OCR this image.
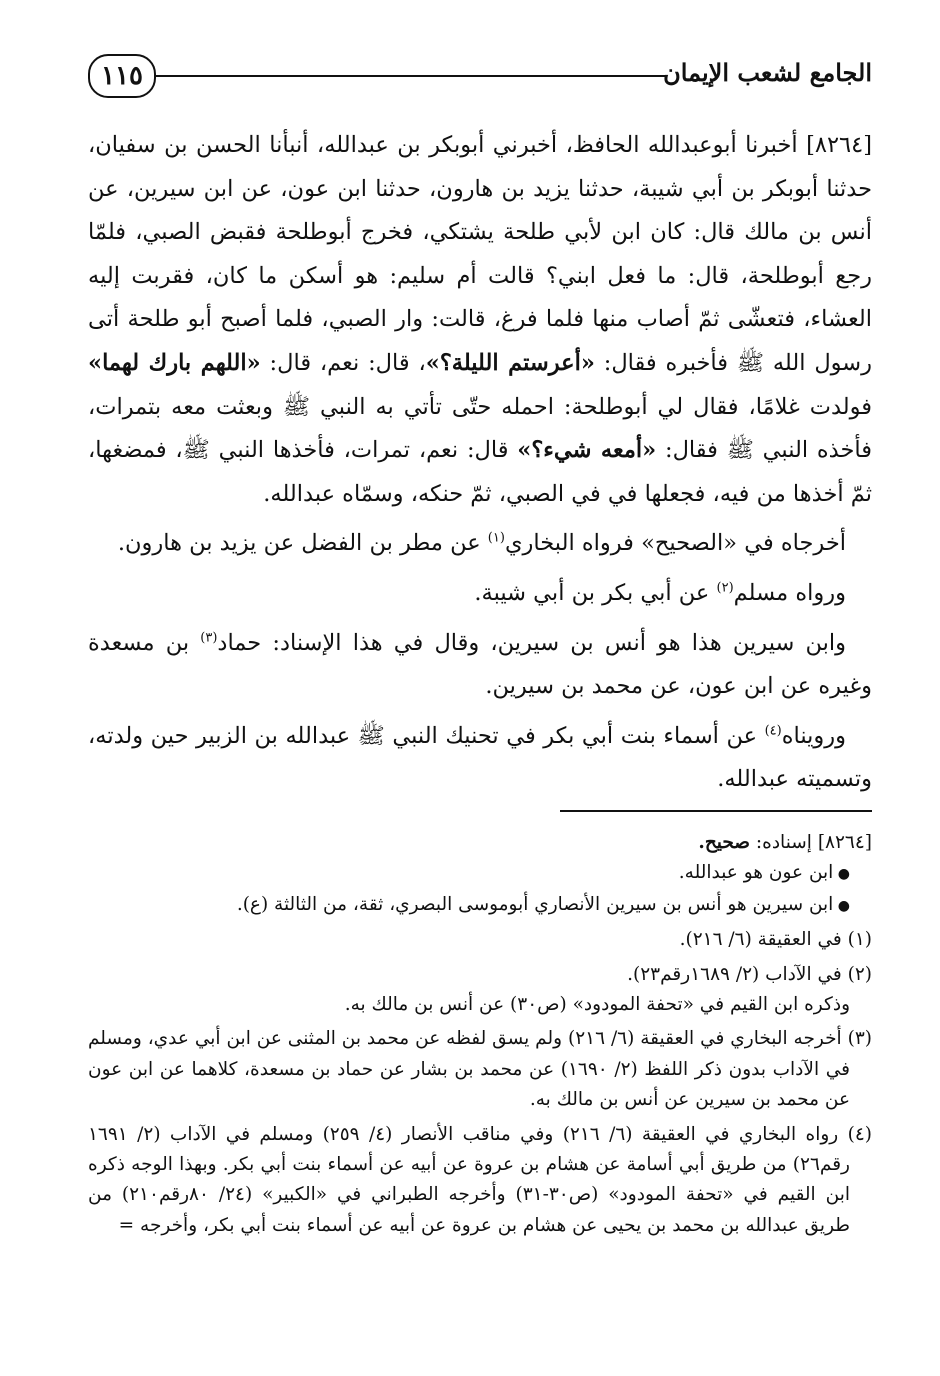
١١٥	الجامع لشعب الإيمان

[٨٢٦٤] أخبرنا أبوعبدالله الحافظ، أخبرني أبوبكر بن عبدالله، أنبأنا الحسن بن سفيان، حدثنا أبوبكر بن أبي شيبة، حدثنا يزيد بن هارون، حدثنا ابن عون، عن ابن سيرين، عن أنس بن مالك قال: كان ابن لأبي طلحة يشتكي، فخرج أبوطلحة فقبض الصبي، فلمّا رجع أبوطلحة، قال: ما فعل ابني؟ قالت أم سليم: هو أسكن ما كان، فقربت إليه العشاء، فتعشّى ثمّ أصاب منها فلما فرغ، قالت: وار الصبي، فلما أصبح أبو طلحة أتى رسول الله ﷺ فأخبره فقال: «أعرستم الليلة؟»، قال: نعم، قال: «اللهم بارك لهما» فولدت غلامًا، فقال لي أبوطلحة: احمله حتّى تأتي به النبي ﷺ وبعثت معه بتمرات، فأخذه النبي ﷺ فقال: «أمعه شيء؟» قال: نعم، تمرات، فأخذها النبي ﷺ، فمضغها، ثمّ أخذها من فيه، فجعلها في في الصبي، ثمّ حنكه، وسمّاه عبدالله.

أخرجاه في «الصحيح» فرواه البخاري$^{(١)}$ عن مطر بن الفضل عن يزيد بن هارون.

ورواه مسلم$^{(٢)}$ عن أبي بكر بن أبي شيبة.

وابن سيرين هذا هو أنس بن سيرين، وقال في هذا الإسناد: حماد$^{(٣)}$ بن مسعدة وغيره عن ابن عون، عن محمد بن سيرين.

ورويناه$^{(٤)}$ عن أسماء بنت أبي بكر في تحنيك النبي ﷺ عبدالله بن الزبير حين ولدته، وتسميته عبدالله.

[٨٢٦٤] إسناده: صحيح.

● ابن عون هو عبدالله.

● ابن سيرين هو أنس بن سيرين الأنصاري أبوموسى البصري، ثقة، من الثالثة (ع).

(١) في العقيقة (٦/ ٢١٦).

(٢) في الآداب (٢/ ١٦٨٩رقم٢٣).

وذكره ابن القيم في «تحفة المودود» (ص٣٠) عن أنس بن مالك به.

(٣) أخرجه البخاري في العقيقة (٦/ ٢١٦) ولم يسق لفظه عن محمد بن المثنى عن ابن أبي عدي، ومسلم في الآداب بدون ذكر اللفظ (٢/ ١٦٩٠) عن محمد بن بشار عن حماد بن مسعدة، كلاهما عن ابن عون عن محمد بن سيرين عن أنس بن مالك به.

(٤) رواه البخاري في العقيقة (٦/ ٢١٦) وفي مناقب الأنصار (٤/ ٢٥٩) ومسلم في الآداب (٢/ ١٦٩١ رقم٢٦) من طريق أبي أسامة عن هشام بن عروة عن أبيه عن أسماء بنت أبي بكر. وبهذا الوجه ذكره ابن القيم في «تحفة المودود» (ص٣٠-٣١) وأخرجه الطبراني في «الكبير» (٢٤/ ٨٠رقم٢١٠) من طريق عبدالله بن محمد بن يحيى عن هشام بن عروة عن أبيه عن أسماء بنت أبي بكر، وأخرجه =
